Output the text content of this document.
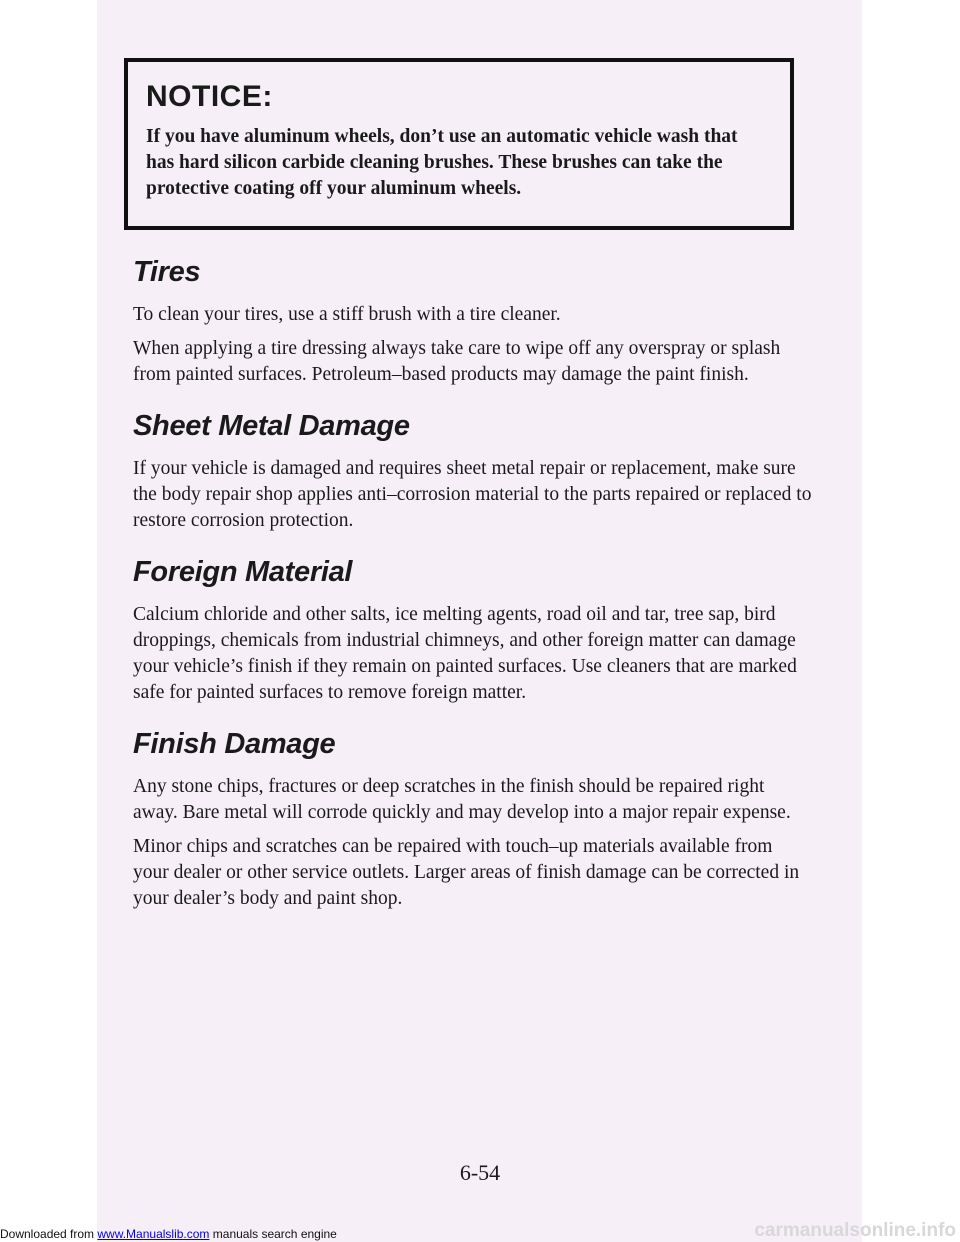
NOTICE:

If you have aluminum wheels, don’t use an automatic vehicle wash that has hard silicon carbide cleaning brushes. These brushes can take the protective coating off your aluminum wheels.

Tires

To clean your tires, use a stiff brush with a tire cleaner.

When applying a tire dressing always take care to wipe off any overspray or splash from painted surfaces. Petroleum–based products may damage the paint finish.

Sheet Metal Damage

If your vehicle is damaged and requires sheet metal repair or replacement, make sure the body repair shop applies anti–corrosion material to the parts repaired or replaced to restore corrosion protection.

Foreign Material

Calcium chloride and other salts, ice melting agents, road oil and tar, tree sap, bird droppings, chemicals from industrial chimneys, and other foreign matter can damage your vehicle’s finish if they remain on painted surfaces. Use cleaners that are marked safe for painted surfaces to remove foreign matter.

Finish Damage

Any stone chips, fractures or deep scratches in the finish should be repaired right away. Bare metal will corrode quickly and may develop into a major repair expense.

Minor chips and scratches can be repaired with touch–up materials available from your dealer or other service outlets. Larger areas of finish damage can be corrected in your dealer’s body and paint shop.

6-54
Downloaded from www.Manualslib.com manuals search engine	carmanualsonline.info
